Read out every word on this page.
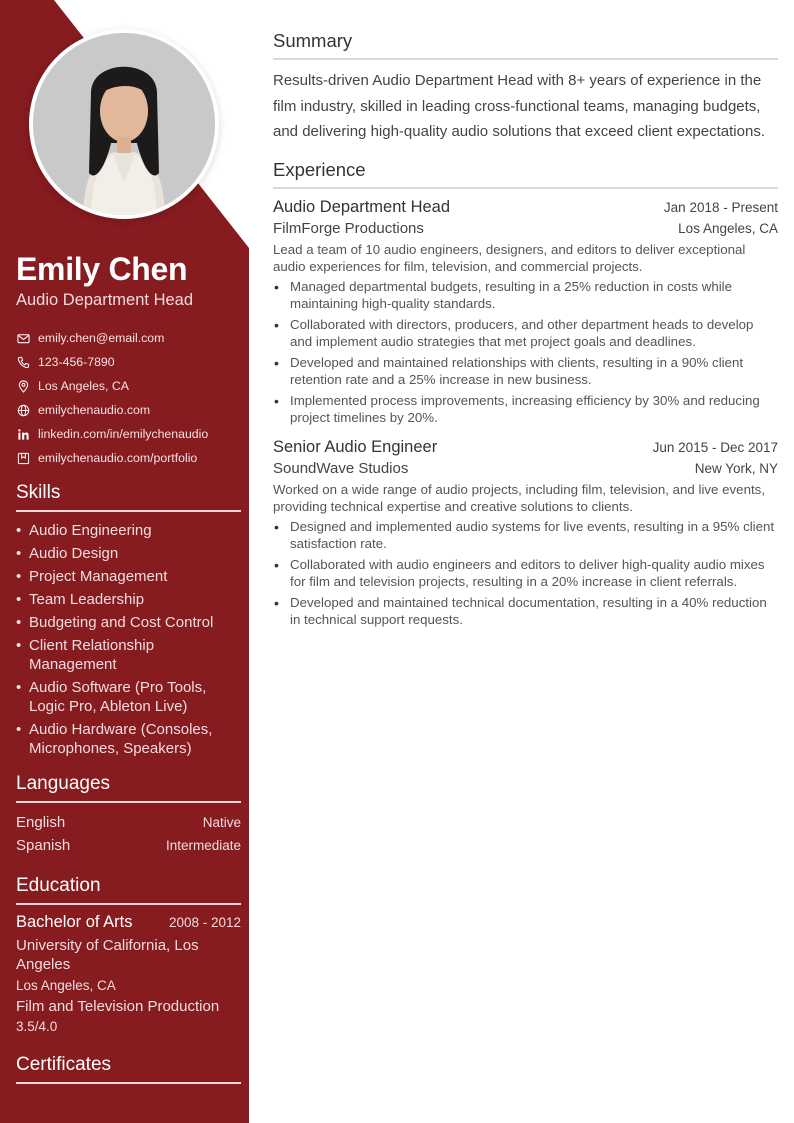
Emily Chen
Audio Department Head
emily.chen@email.com
123-456-7890
Los Angeles, CA
emilychenaudio.com
linkedin.com/in/emilychenaudio
emilychenaudio.com/portfolio
Skills
• Audio Engineering
• Audio Design
• Project Management
• Team Leadership
• Budgeting and Cost Control
• Client Relationship Management
• Audio Software (Pro Tools, Logic Pro, Ableton Live)
• Audio Hardware (Consoles, Microphones, Speakers)
Languages
English	Native
Spanish	Intermediate
Education
Bachelor of Arts	2008 - 2012
University of California, Los Angeles
Los Angeles, CA
Film and Television Production
3.5/4.0
Certificates
Summary
Results-driven Audio Department Head with 8+ years of experience in the film industry, skilled in leading cross-functional teams, managing budgets, and delivering high-quality audio solutions that exceed client expectations.
Experience
Audio Department Head	Jan 2018 - Present
FilmForge Productions	Los Angeles, CA
Lead a team of 10 audio engineers, designers, and editors to deliver exceptional audio experiences for film, television, and commercial projects.
• Managed departmental budgets, resulting in a 25% reduction in costs while maintaining high-quality standards.
• Collaborated with directors, producers, and other department heads to develop and implement audio strategies that met project goals and deadlines.
• Developed and maintained relationships with clients, resulting in a 90% client retention rate and a 25% increase in new business.
• Implemented process improvements, increasing efficiency by 30% and reducing project timelines by 20%.
Senior Audio Engineer	Jun 2015 - Dec 2017
SoundWave Studios	New York, NY
Worked on a wide range of audio projects, including film, television, and live events, providing technical expertise and creative solutions to clients.
• Designed and implemented audio systems for live events, resulting in a 95% client satisfaction rate.
• Collaborated with audio engineers and editors to deliver high-quality audio mixes for film and television projects, resulting in a 20% increase in client referrals.
• Developed and maintained technical documentation, resulting in a 40% reduction in technical support requests.
